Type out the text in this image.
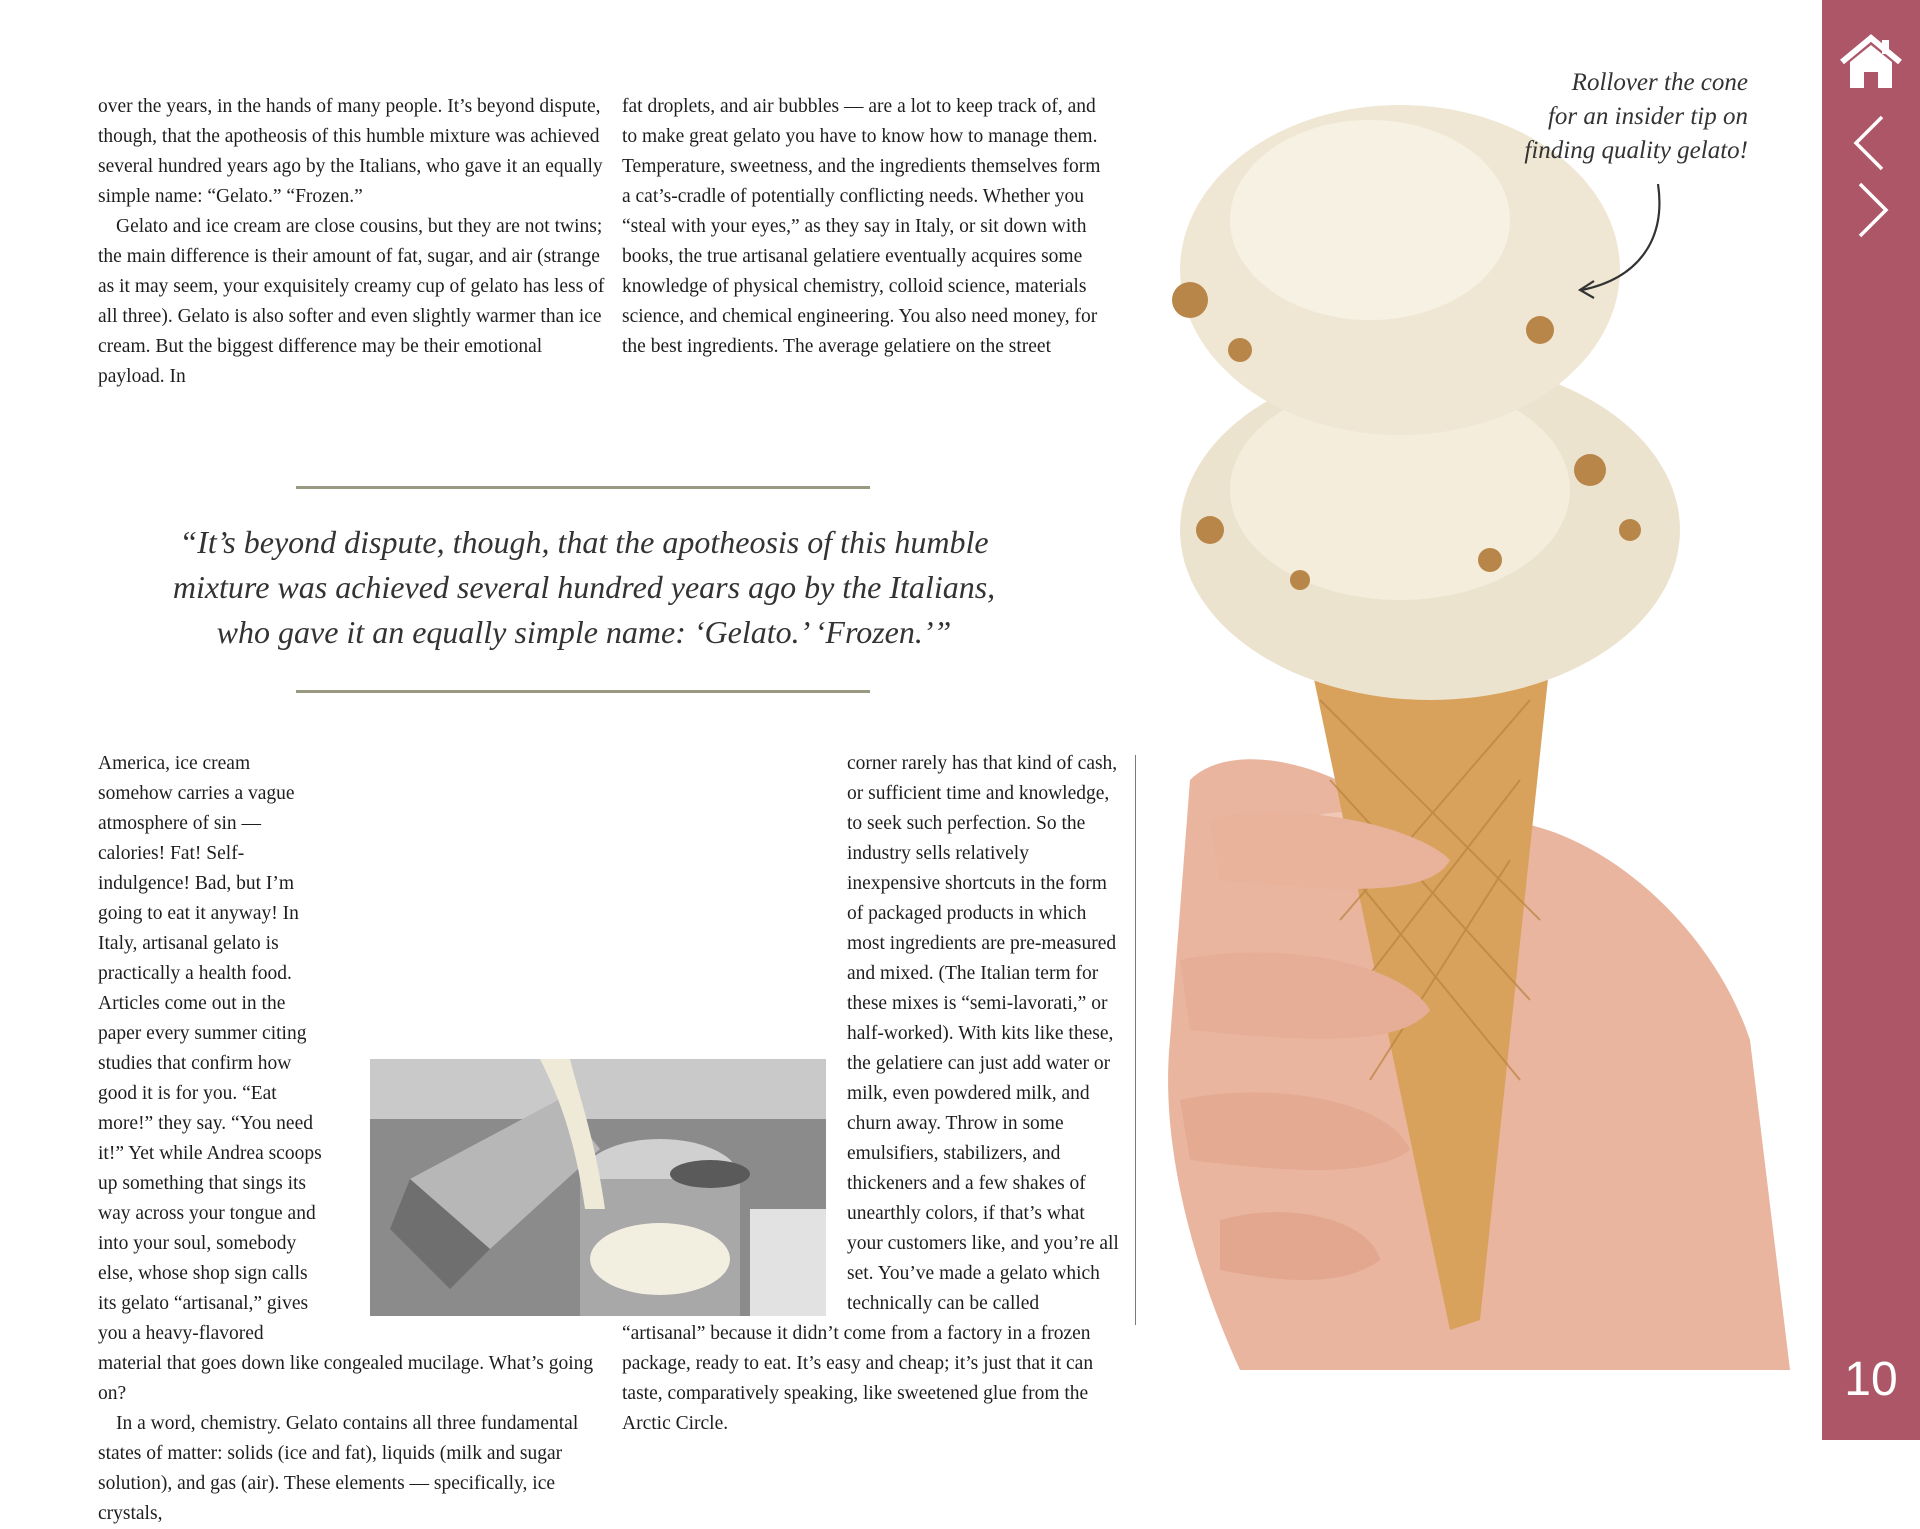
over the years, in the hands of many people. It’s beyond dispute, though, that the apotheosis of this humble mixture was achieved several hundred years ago by the Italians, who gave it an equally simple name: “Gelato.” “Frozen.”

Gelato and ice cream are close cousins, but they are not twins; the main difference is their amount of fat, sugar, and air (strange as it may seem, your exquisitely creamy cup of gelato has less of all three). Gelato is also softer and even slightly warmer than ice cream. But the biggest difference may be their emotional payload. In

fat droplets, and air bubbles — are a lot to keep track of, and to make great gelato you have to know how to manage them. Temperature, sweetness, and the ingredients themselves form a cat’s-cradle of potentially conflicting needs. Whether you “steal with your eyes,” as they say in Italy, or sit down with books, the true artisanal gelatiere eventually acquires some knowledge of physical chemistry, colloid science, materials science, and chemical engineering. You also need money, for the best ingredients. The average gelatiere on the street

“It’s beyond dispute, though, that the apotheosis of this humble mixture was achieved several hundred years ago by the Italians, who gave it an equally simple name: ‘Gelato.’ ‘Frozen.’”

America, ice cream somehow carries a vague atmosphere of sin — calories! Fat! Self-indulgence! Bad, but I’m going to eat it anyway! In Italy, artisanal gelato is practically a health food. Articles come out in the paper every summer citing studies that confirm how good it is for you. “Eat more!” they say. “You need it!” Yet while Andrea scoops up something that sings its way across your tongue and into your soul, somebody else, whose shop sign calls its gelato “artisanal,” gives you a heavy-flavored material that goes down like congealed mucilage. What’s going on?

In a word, chemistry. Gelato contains all three fundamental states of matter: solids (ice and fat), liquids (milk and sugar solution), and gas (air). These elements — specifically, ice crystals,

corner rarely has that kind of cash, or sufficient time and knowledge, to seek such perfection. So the industry sells relatively inexpensive shortcuts in the form of packaged products in which most ingredients are pre-measured and mixed. (The Italian term for these mixes is “semi-lavorati,” or half-worked). With kits like these, the gelatiere can just add water or milk, even powdered milk, and churn away. Throw in some emulsifiers, stabilizers, and thickeners and a few shakes of unearthly colors, if that’s what your customers like, and you’re all set. You’ve made a gelato which technically can be called “artisanal” because it didn’t come from a factory in a frozen package, ready to eat. It’s easy and cheap; it’s just that it can taste, comparatively speaking, like sweetened glue from the Arctic Circle.

Rollover the cone
for an insider tip on
finding quality gelato!
10
